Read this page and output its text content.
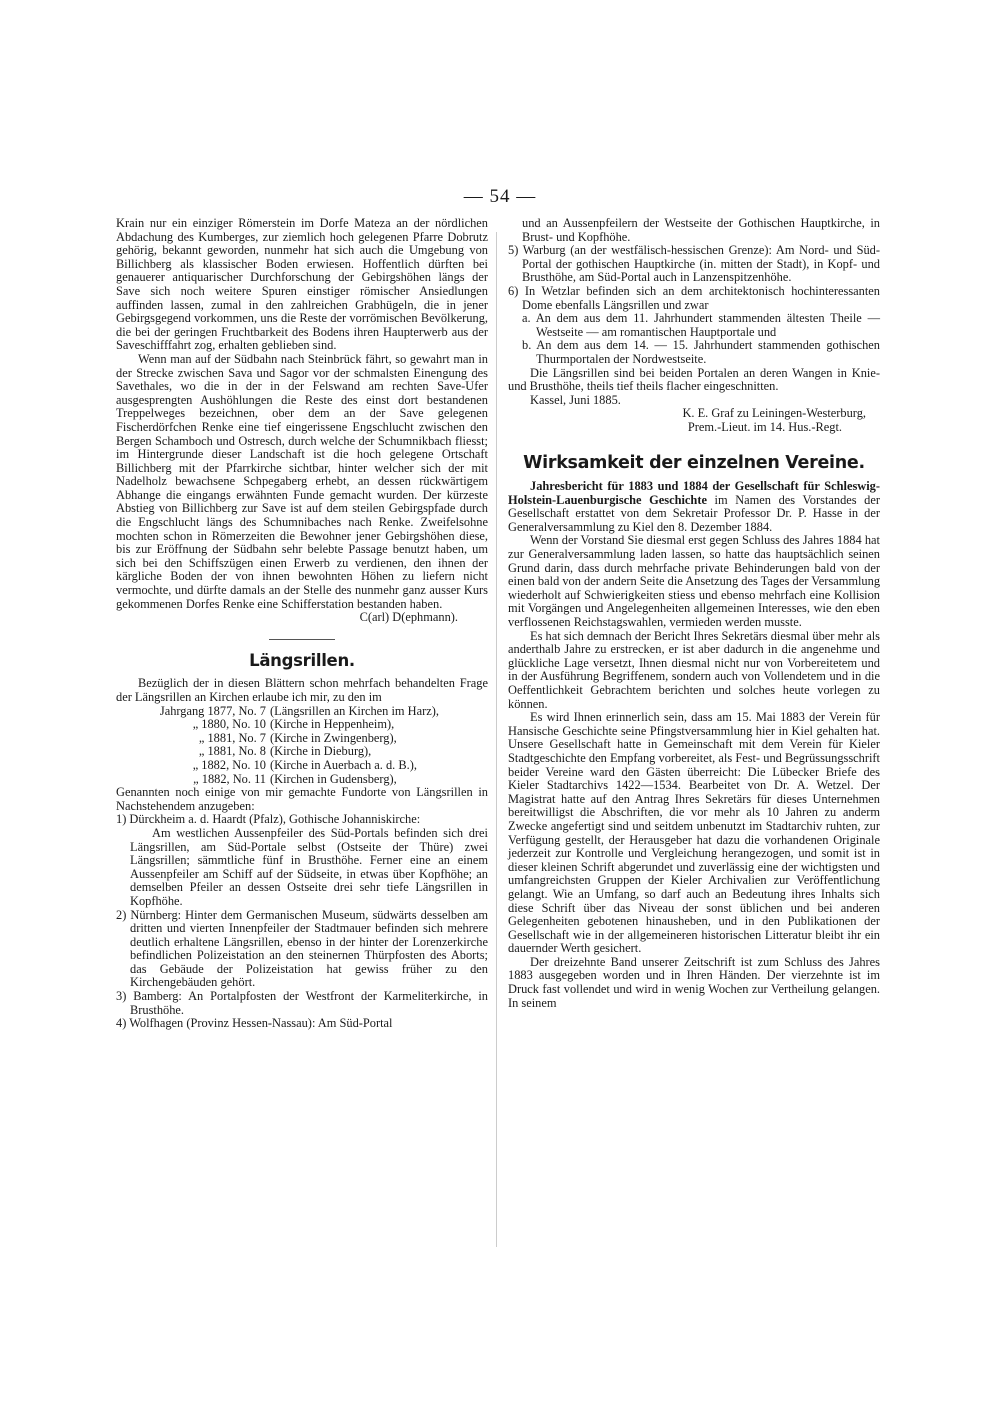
— 54 —

Krain nur ein einziger Römerstein im Dorfe Mateza an der nördlichen Abdachung des Kumberges, zur ziemlich hoch gelegenen Pfarre Dobrutz gehörig, bekannt geworden, nunmehr hat sich auch die Umgebung von Billichberg als klassischer Boden erwiesen. Hoffentlich dürften bei genauerer antiquarischer Durchforschung der Gebirgshöhen längs der Save sich noch weitere Spuren einstiger römischer Ansiedlungen auffinden lassen, zumal in den zahlreichen Grabhügeln, die in jener Gebirgsgegend vorkommen, uns die Reste der vorrömischen Bevölkerung, die bei der geringen Fruchtbarkeit des Bodens ihren Haupterwerb aus der Saveschifffahrt zog, erhalten geblieben sind.

Wenn man auf der Südbahn nach Steinbrück fährt, so gewahrt man in der Strecke zwischen Sava und Sagor vor der schmalsten Einengung des Savethales, wo die in der in der Felswand am rechten Save-Ufer ausgesprengten Aushöhlungen die Reste des einst dort bestandenen Treppelweges bezeichnen, ober dem an der Save gelegenen Fischerdörfchen Renke eine tief eingerissene Engschlucht zwischen den Bergen Schamboch und Ostresch, durch welche der Schumnikbach fliesst; im Hintergrunde dieser Landschaft ist die hoch gelegene Ortschaft Billichberg mit der Pfarrkirche sichtbar, hinter welcher sich der mit Nadelholz bewachsene Schpegaberg erhebt, an dessen rückwärtigem Abhange die eingangs erwähnten Funde gemacht wurden. Der kürzeste Abstieg von Billichberg zur Save ist auf dem steilen Gebirgspfade durch die Engschlucht längs des Schumnibaches nach Renke. Zweifelsohne mochten schon in Römerzeiten die Bewohner jener Gebirgshöhen diese, bis zur Eröffnung der Südbahn sehr belebte Passage benutzt haben, um sich bei den Schiffszügen einen Erwerb zu verdienen, den ihnen der kärgliche Boden der von ihnen bewohnten Höhen zu liefern nicht vermochte, und dürfte damals an der Stelle des nunmehr ganz ausser Kurs gekommenen Dorfes Renke eine Schifferstation bestanden haben.

C(arl) D(ephmann).

Längsrillen.

Bezüglich der in diesen Blättern schon mehrfach behandelten Frage der Längsrillen an Kirchen erlaube ich mir, zu den im

Jahrgang 1877, No. 7 (Längsrillen an Kirchen im Harz),
„ 1880, No. 10 (Kirche in Heppenheim),
„ 1881, No. 7 (Kirche in Zwingenberg),
„ 1881, No. 8 (Kirche in Dieburg),
„ 1882, No. 10 (Kirche in Auerbach a. d. B.),
„ 1882, No. 11 (Kirchen in Gudensberg),

Genannten noch einige von mir gemachte Fundorte von Längsrillen in Nachstehendem anzugeben:

1) Dürckheim a. d. Haardt (Pfalz), Gothische Johanniskirche:

Am westlichen Aussenpfeiler des Süd-Portals befinden sich drei Längsrillen, am Süd-Portale selbst (Ostseite der Thüre) zwei Längsrillen; sämmtliche fünf in Brusthöhe. Ferner eine an einem Aussenpfeiler am Schiff auf der Südseite, in etwas über Kopfhöhe; an demselben Pfeiler an dessen Ostseite drei sehr tiefe Längsrillen in Kopfhöhe.

2) Nürnberg: Hinter dem Germanischen Museum, südwärts desselben am dritten und vierten Innenpfeiler der Stadtmauer befinden sich mehrere deutlich erhaltene Längsrillen, ebenso in der hinter der Lorenzerkirche befindlichen Polizeistation an den steinernen Thürpfosten des Aborts; das Gebäude der Polizeistation hat gewiss früher zu den Kirchengebäuden gehört.

3) Bamberg: An Portalpfosten der Westfront der Karmeliterkirche, in Brusthöhe.

4) Wolfhagen (Provinz Hessen-Nassau): Am Süd-Portal

und an Aussenpfeilern der Westseite der Gothischen Hauptkirche, in Brust- und Kopfhöhe.

5) Warburg (an der westfälisch-hessischen Grenze): Am Nord- und Süd-Portal der gothischen Hauptkirche (in. mitten der Stadt), in Kopf- und Brusthöhe, am Süd-Portal auch in Lanzenspitzenhöhe.

6) In Wetzlar befinden sich an dem architektonisch hochinteressanten Dome ebenfalls Längsrillen und zwar

a. An dem aus dem 11. Jahrhundert stammenden ältesten Theile — Westseite — am romantischen Hauptportale und

b. An dem aus dem 14. — 15. Jahrhundert stammenden gothischen Thurmportalen der Nordwestseite.

Die Längsrillen sind bei beiden Portalen an deren Wangen in Knie- und Brusthöhe, theils tief theils flacher eingeschnitten.

Kassel, Juni 1885.

K. E. Graf zu Leiningen-Westerburg,

Prem.-Lieut. im 14. Hus.-Regt.

Wirksamkeit der einzelnen Vereine.

Jahresbericht für 1883 und 1884 der Gesellschaft für Schleswig-Holstein-Lauenburgische Geschichte im Namen des Vorstandes der Gesellschaft erstattet von dem Sekretair Professor Dr. P. Hasse in der Generalversammlung zu Kiel den 8. Dezember 1884.

Wenn der Vorstand Sie diesmal erst gegen Schluss des Jahres 1884 hat zur Generalversammlung laden lassen, so hatte das hauptsächlich seinen Grund darin, dass durch mehrfache private Behinderungen bald von der einen bald von der andern Seite die Ansetzung des Tages der Versammlung wiederholt auf Schwierigkeiten stiess und ebenso mehrfach eine Kollision mit Vorgängen und Angelegenheiten allgemeinen Interesses, wie den eben verflossenen Reichstagswahlen, vermieden werden musste.

Es hat sich demnach der Bericht Ihres Sekretärs diesmal über mehr als anderthalb Jahre zu erstrecken, er ist aber dadurch in die angenehme und glückliche Lage versetzt, Ihnen diesmal nicht nur von Vorbereitetem und in der Ausführung Begriffenem, sondern auch von Vollendetem und in die Oeffentlichkeit Gebrachtem berichten und solches heute vorlegen zu können.

Es wird Ihnen erinnerlich sein, dass am 15. Mai 1883 der Verein für Hansische Geschichte seine Pfingstversammlung hier in Kiel gehalten hat. Unsere Gesellschaft hatte in Gemeinschaft mit dem Verein für Kieler Stadtgeschichte den Empfang vorbereitet, als Fest- und Begrüssungsschrift beider Vereine ward den Gästen überreicht: Die Lübecker Briefe des Kieler Stadtarchivs 1422—1534. Bearbeitet von Dr. A. Wetzel. Der Magistrat hatte auf den Antrag Ihres Sekretärs für dieses Unternehmen bereitwilligst die Abschriften, die vor mehr als 10 Jahren zu anderm Zwecke angefertigt sind und seitdem unbenutzt im Stadtarchiv ruhten, zur Verfügung gestellt, der Herausgeber hat dazu die vorhandenen Originale jederzeit zur Kontrolle und Vergleichung herangezogen, und somit ist in dieser kleinen Schrift abgerundet und zuverlässig eine der wichtigsten und umfangreichsten Gruppen der Kieler Archivalien zur Veröffentlichung gelangt. Wie an Umfang, so darf auch an Bedeutung ihres Inhalts sich diese Schrift über das Niveau der sonst üblichen und bei anderen Gelegenheiten gebotenen hinausheben, und in den Publikationen der Gesellschaft wie in der allgemeineren historischen Litteratur bleibt ihr ein dauernder Werth gesichert.

Der dreizehnte Band unserer Zeitschrift ist zum Schluss des Jahres 1883 ausgegeben worden und in Ihren Händen. Der vierzehnte ist im Druck fast vollendet und wird in wenig Wochen zur Vertheilung gelangen. In seinem
